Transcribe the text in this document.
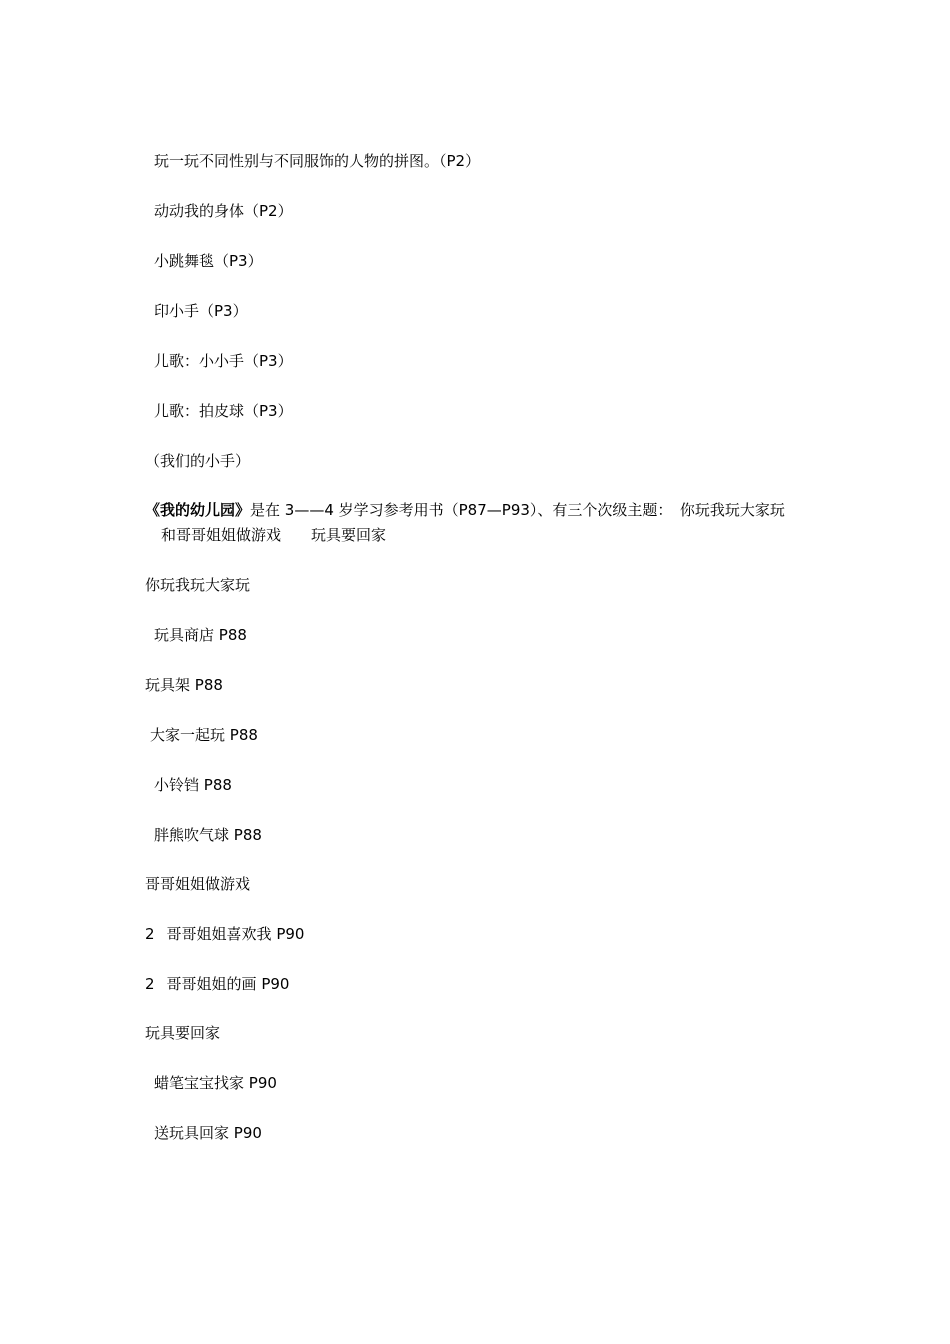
玩一玩不同性别与不同服饰的人物的拼图。（P2）
动动我的身体（P2）
小跳舞毯（P3）
印小手（P3）
儿歌：小小手（P3）
儿歌：拍皮球（P3）
（我们的小手）
《我的幼儿园》是在 3——4 岁学习参考用书（P87—P93）、有三个次级主题：　你玩我玩大家玩
和哥哥姐姐做游戏　　玩具要回家
你玩我玩大家玩
玩具商店 P88
玩具架 P88
大家一起玩 P88
小铃铛 P88
胖熊吹气球 P88
哥哥姐姐做游戏
2 哥哥姐姐喜欢我 P90
2 哥哥姐姐的画 P90
玩具要回家
蜡笔宝宝找家 P90
送玩具回家 P90
